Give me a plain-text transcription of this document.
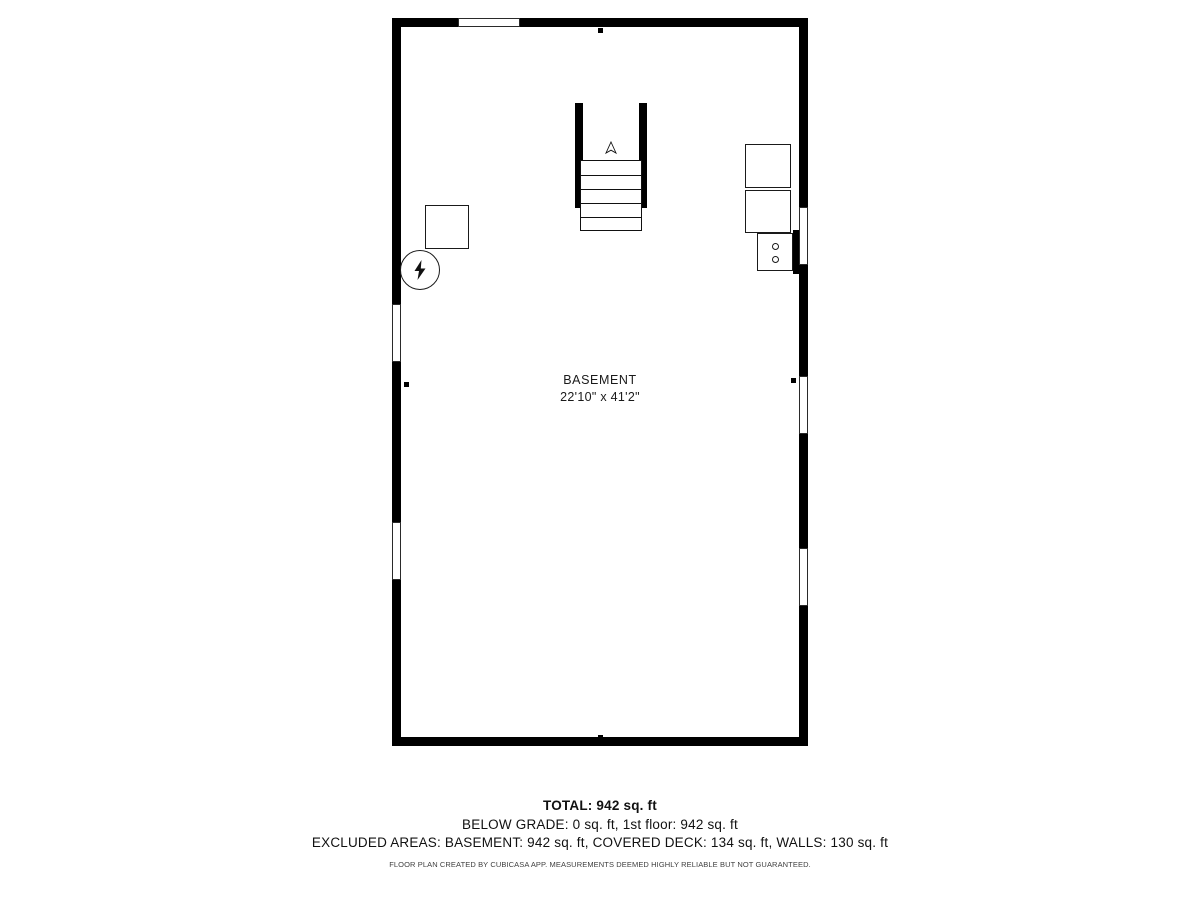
BASEMENT
22'10" x 41'2"
TOTAL: 942 sq. ft
BELOW GRADE: 0 sq. ft, 1st floor: 942 sq. ft
EXCLUDED AREAS: BASEMENT: 942 sq. ft, COVERED DECK: 134 sq. ft, WALLS: 130 sq. ft
FLOOR PLAN CREATED BY CUBICASA APP. MEASUREMENTS DEEMED HIGHLY RELIABLE BUT NOT GUARANTEED.
